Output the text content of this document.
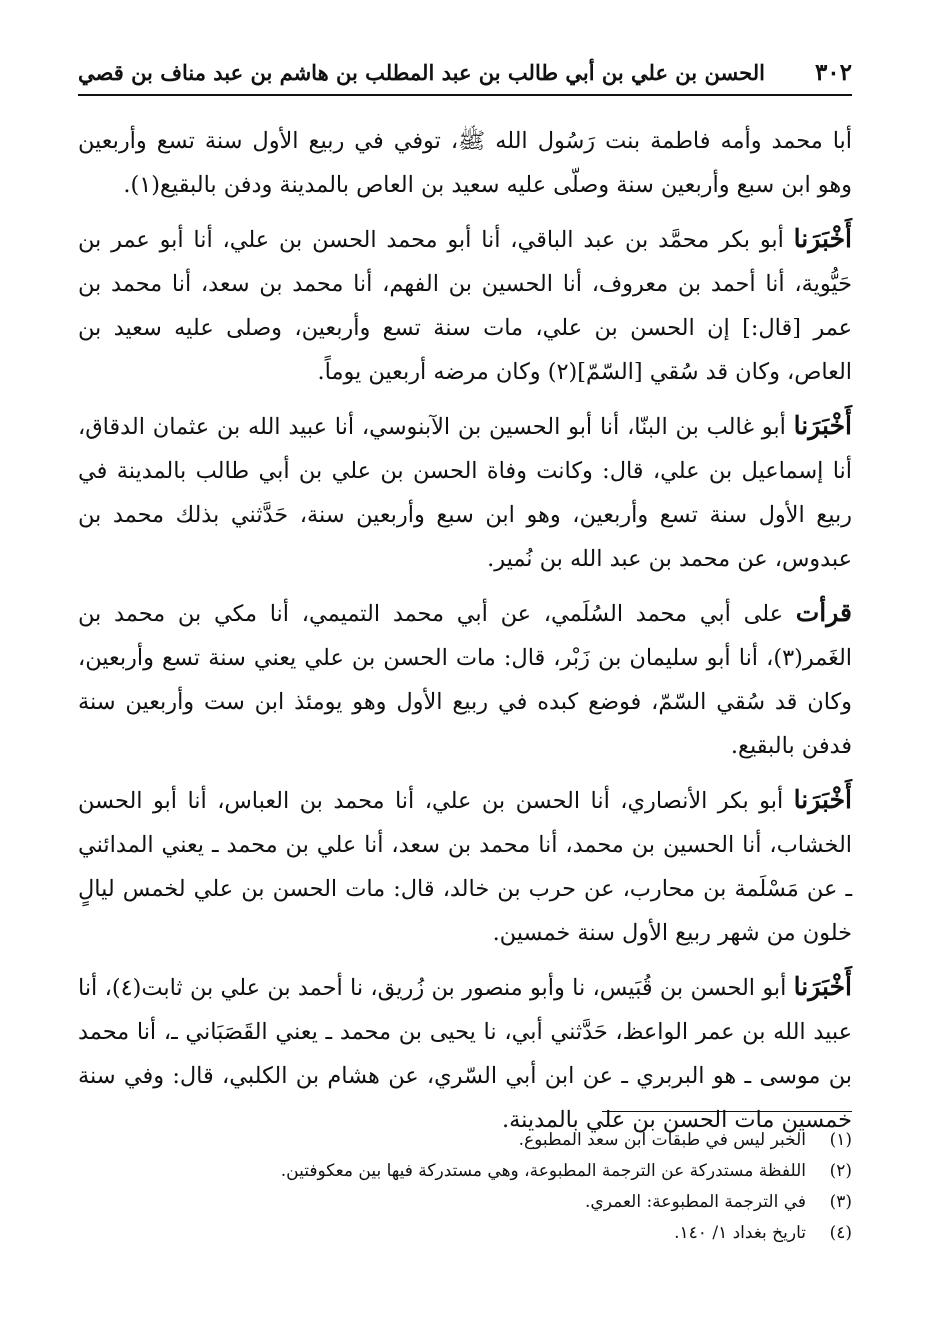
٣٠٢
الحسن بن علي بن أبي طالب بن عبد المطلب بن هاشم بن عبد مناف بن قصي

أبا محمد وأمه فاطمة بنت رَسُول الله ﷺ، توفي في ربيع الأول سنة تسع وأربعين وهو ابن سبع وأربعين سنة وصلّى عليه سعيد بن العاص بالمدينة ودفن بالبقيع(١).

أَخْبَرَنا أبو بكر محمَّد بن عبد الباقي، أنا أبو محمد الحسن بن علي، أنا أبو عمر بن حَيُّوية، أنا أحمد بن معروف، أنا الحسين بن الفهم، أنا محمد بن سعد، أنا محمد بن عمر [قال:] إن الحسن بن علي، مات سنة تسع وأربعين، وصلى عليه سعيد بن العاص، وكان قد سُقي [السّمّ](٢) وكان مرضه أربعين يوماً.

أَخْبَرَنا أبو غالب بن البنّا، أنا أبو الحسين بن الآبنوسي، أنا عبيد الله بن عثمان الدقاق، أنا إسماعيل بن علي، قال: وكانت وفاة الحسن بن علي بن أبي طالب بالمدينة في ربيع الأول سنة تسع وأربعين، وهو ابن سبع وأربعين سنة، حَدَّثني بذلك محمد بن عبدوس، عن محمد بن عبد الله بن نُمير.

قرأت على أبي محمد السُلَمي، عن أبي محمد التميمي، أنا مكي بن محمد بن الغَمر(٣)، أنا أبو سليمان بن زَبْر، قال: مات الحسن بن علي يعني سنة تسع وأربعين، وكان قد سُقي السّمّ، فوضع كبده في ربيع الأول وهو يومئذ ابن ست وأربعين سنة فدفن بالبقيع.

أَخْبَرَنا أبو بكر الأنصاري، أنا الحسن بن علي، أنا محمد بن العباس، أنا أبو الحسن الخشاب، أنا الحسين بن محمد، أنا محمد بن سعد، أنا علي بن محمد ـ يعني المدائني ـ عن مَسْلَمة بن محارب، عن حرب بن خالد، قال: مات الحسن بن علي لخمس ليالٍ خلون من شهر ربيع الأول سنة خمسين.

أَخْبَرَنا أبو الحسن بن قُبَيس، نا وأبو منصور بن زُريق، نا أحمد بن علي بن ثابت(٤)، أنا عبيد الله بن عمر الواعظ، حَدَّثني أبي، نا يحيى بن محمد ـ يعني القَصَبَاني ـ، أنا محمد بن موسى ـ هو البربري ـ عن ابن أبي السّري، عن هشام بن الكلبي، قال: وفي سنة خمسين مات الحسن بن علي بالمدينة.

(١)
الخبر ليس في طبقات ابن سعد المطبوع.
(٢)
اللفظة مستدركة عن الترجمة المطبوعة، وهي مستدركة فيها بين معكوفتين.
(٣)
في الترجمة المطبوعة: العمري.
(٤)
تاريخ بغداد ١/ ١٤٠.
